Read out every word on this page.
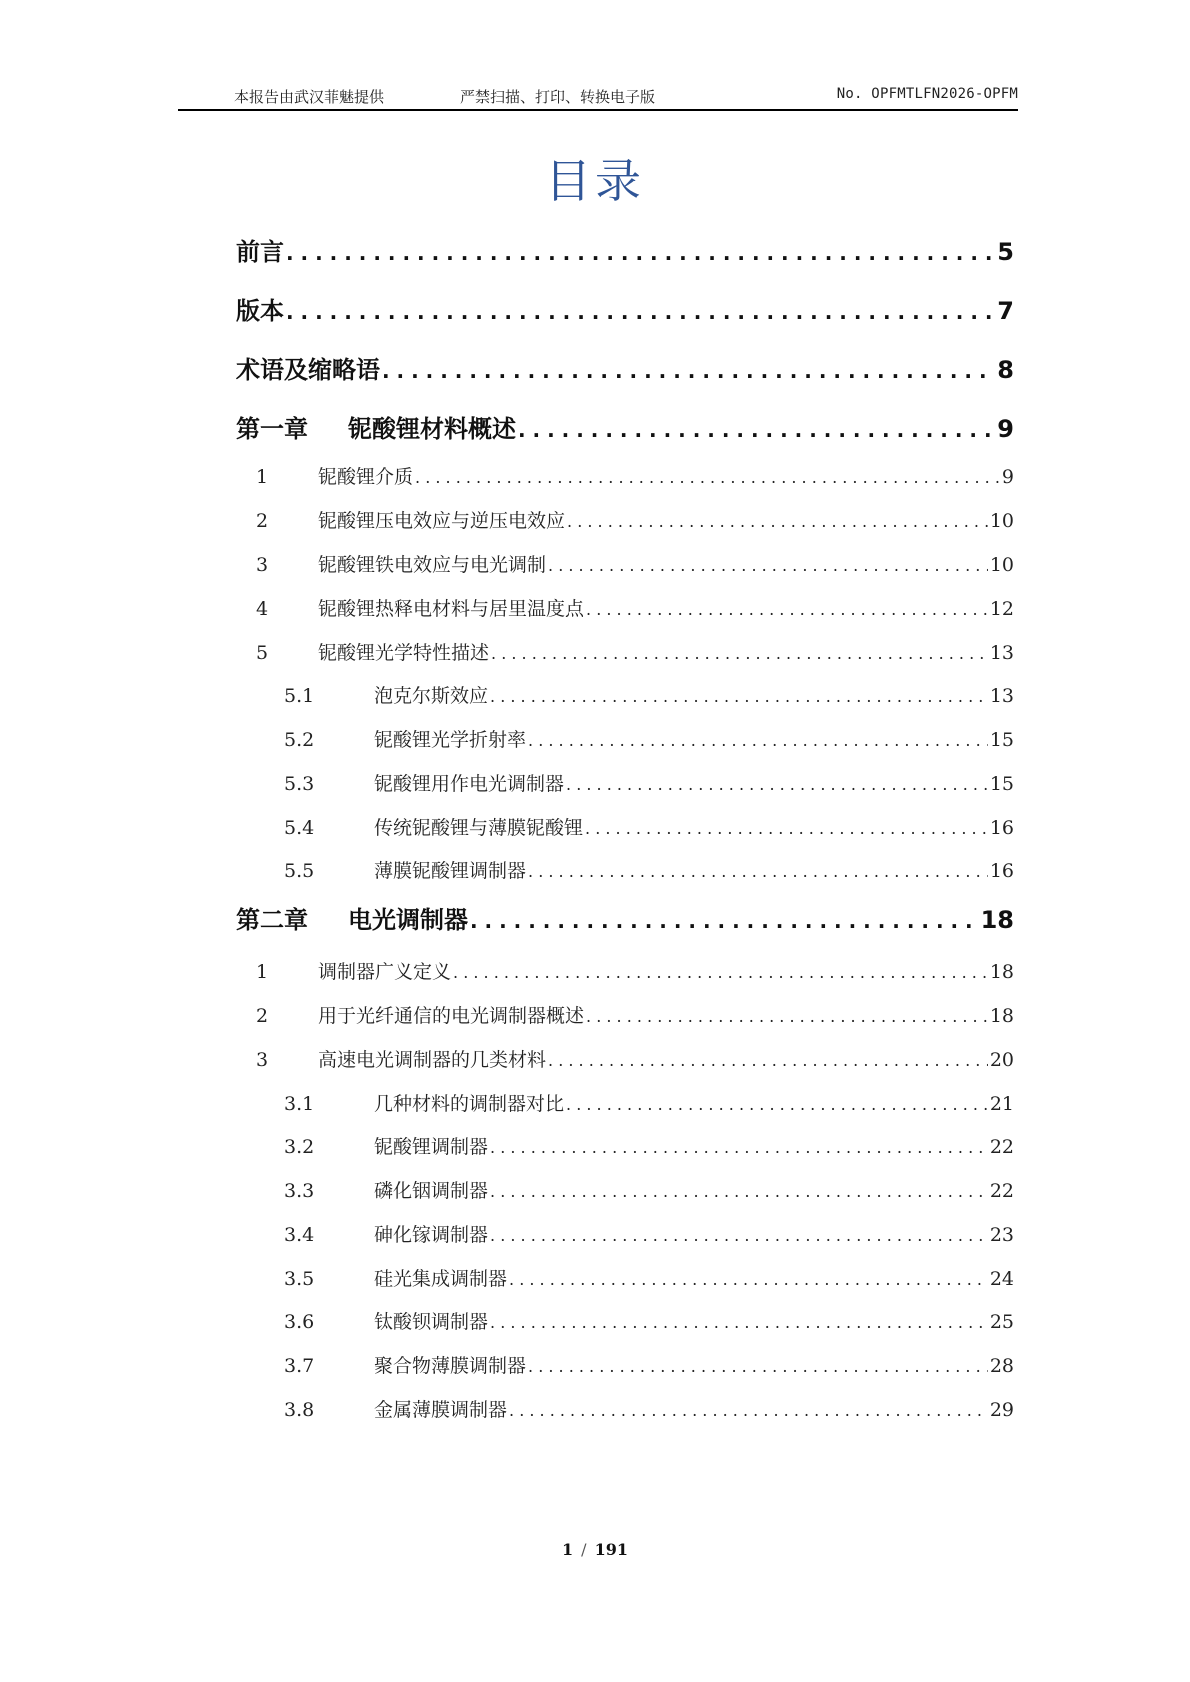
本报告由武汉菲魅提供	严禁扫描、打印、转换电子版	No. OPFMTLFN2026-OPFM
目录
前言 . . .	5
版本 . . .	7
术语及缩略语 . . .	8
第一章	铌酸锂材料概述 . . .	9
1	铌酸锂介质 . . .	9
2	铌酸锂压电效应与逆压电效应 . . .	10
3	铌酸锂铁电效应与电光调制 . . .	10
4	铌酸锂热释电材料与居里温度点 . . .	12
5	铌酸锂光学特性描述 . . .	13
5.1	泡克尔斯效应 . . .	13
5.2	铌酸锂光学折射率 . . .	15
5.3	铌酸锂用作电光调制器 . . .	15
5.4	传统铌酸锂与薄膜铌酸锂 . . .	16
5.5	薄膜铌酸锂调制器 . . .	16
第二章	电光调制器 . . .	18
1	调制器广义定义 . . .	18
2	用于光纤通信的电光调制器概述 . . .	18
3	高速电光调制器的几类材料 . . .	20
3.1	几种材料的调制器对比 . . .	21
3.2	铌酸锂调制器 . . .	22
3.3	磷化铟调制器 . . .	22
3.4	砷化镓调制器 . . .	23
3.5	硅光集成调制器 . . .	24
3.6	钛酸钡调制器 . . .	25
3.7	聚合物薄膜调制器 . . .	28
3.8	金属薄膜调制器 . . .	29
1 / 191
